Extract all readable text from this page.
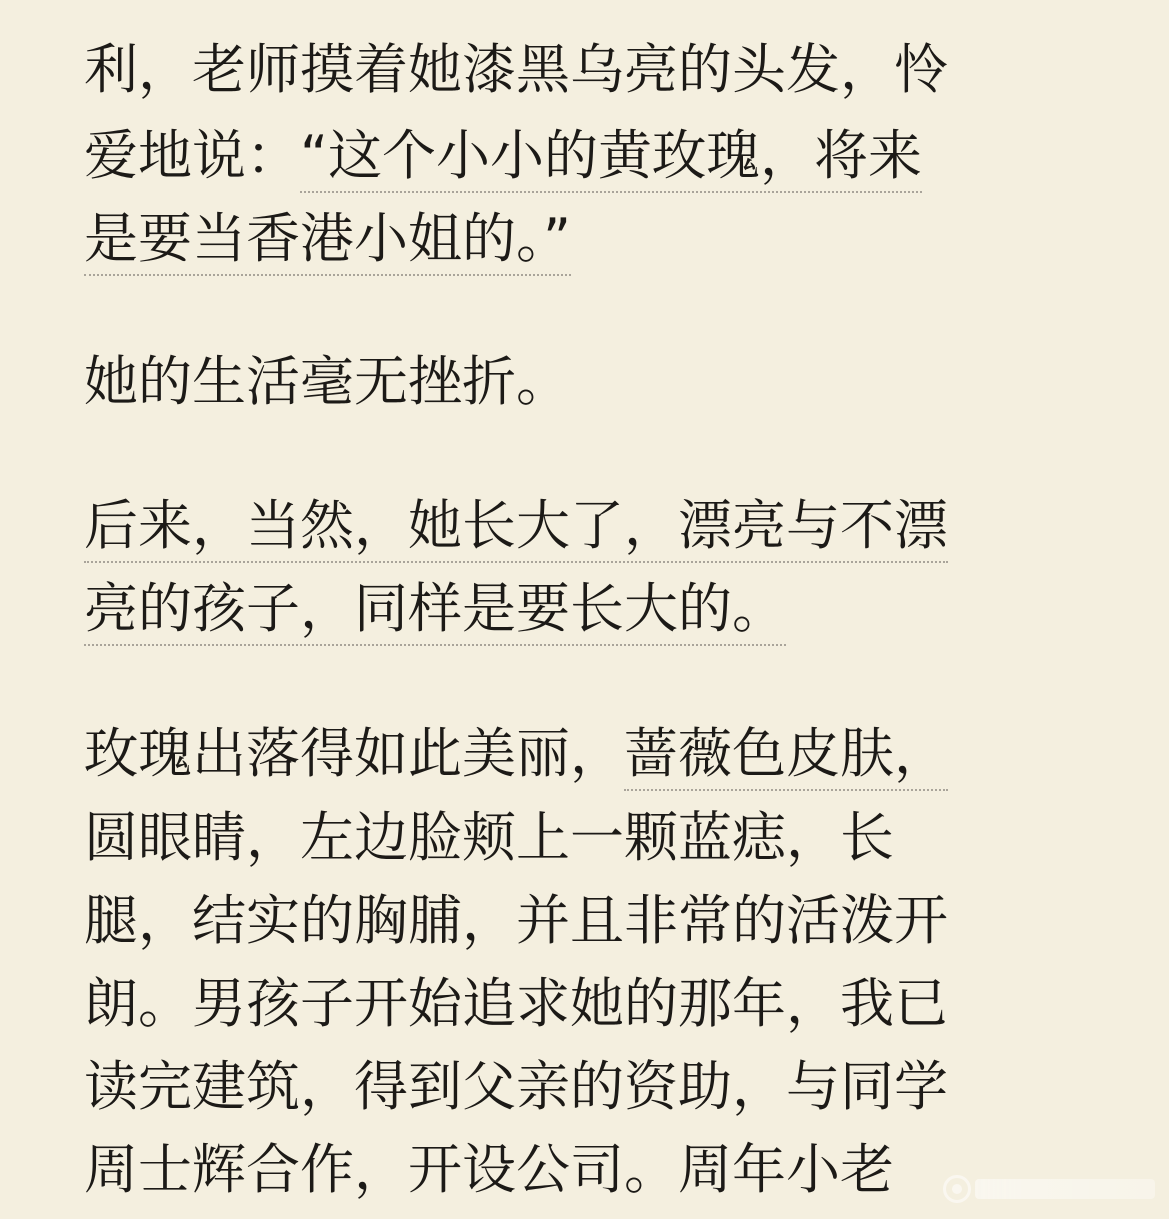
利，老师摸着她漆黑乌亮的头发，怜
爱地说：“这个小小的黄玫瑰，将来
是要当香港小姐的。”
她的生活毫无挫折。
后来，当然，她长大了，漂亮与不漂
亮的孩子，同样是要长大的。
玫瑰出落得如此美丽，蔷薇色皮肤，
圆眼睛，左边脸颊上一颗蓝痣，长
腿，结实的胸脯，并且非常的活泼开
朗。男孩子开始追求她的那年，我已
读完建筑，得到父亲的资助，与同学
周士辉合作，开设公司。周年小老
